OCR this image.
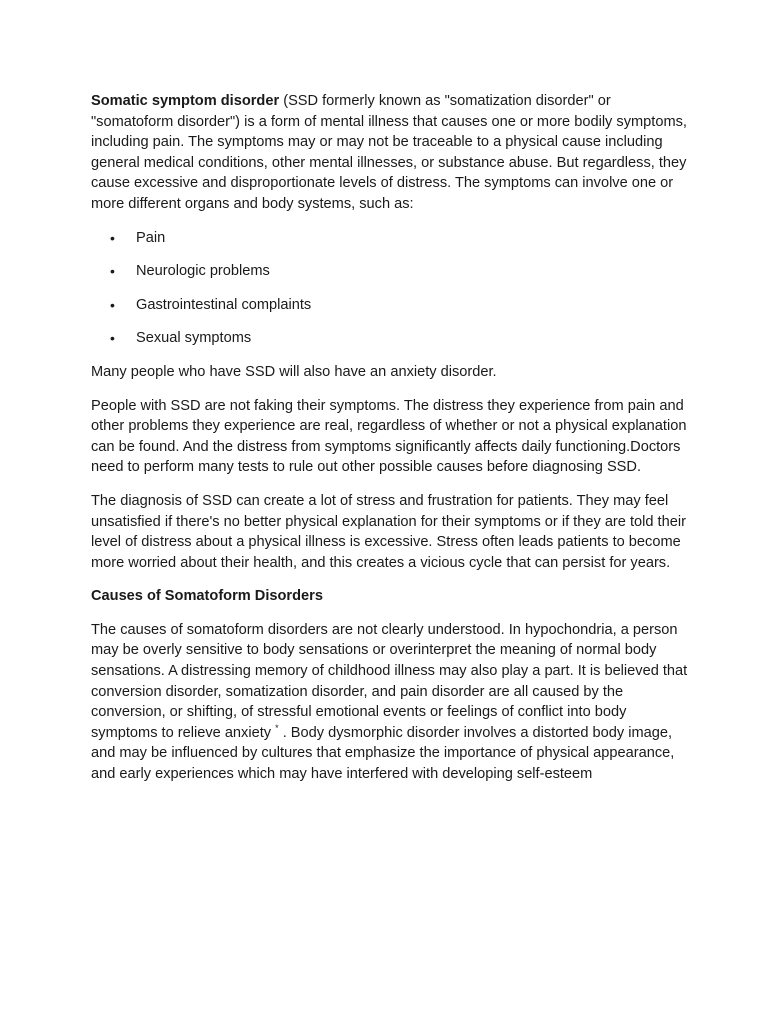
Somatic symptom disorder (SSD formerly known as "somatization disorder" or "somatoform disorder") is a form of mental illness that causes one or more bodily symptoms, including pain. The symptoms may or may not be traceable to a physical cause including general medical conditions, other mental illnesses, or substance abuse. But regardless, they cause excessive and disproportionate levels of distress. The symptoms can involve one or more different organs and body systems, such as:

• Pain
• Neurologic problems
• Gastrointestinal complaints
• Sexual symptoms

Many people who have SSD will also have an anxiety disorder.

People with SSD are not faking their symptoms. The distress they experience from pain and other problems they experience are real, regardless of whether or not a physical explanation can be found. And the distress from symptoms significantly affects daily functioning.Doctors need to perform many tests to rule out other possible causes before diagnosing SSD.

The diagnosis of SSD can create a lot of stress and frustration for patients. They may feel unsatisfied if there's no better physical explanation for their symptoms or if they are told their level of distress about a physical illness is excessive. Stress often leads patients to become more worried about their health, and this creates a vicious cycle that can persist for years.

Causes of Somatoform Disorders

The causes of somatoform disorders are not clearly understood. In hypochondria, a person may be overly sensitive to body sensations or overinterpret the meaning of normal body sensations. A distressing memory of childhood illness may also play a part. It is believed that conversion disorder, somatization disorder, and pain disorder are all caused by the conversion, or shifting, of stressful emotional events or feelings of conflict into body symptoms to relieve anxiety * . Body dysmorphic disorder involves a distorted body image, and may be influenced by cultures that emphasize the importance of physical appearance, and early experiences which may have interfered with developing self-esteem
